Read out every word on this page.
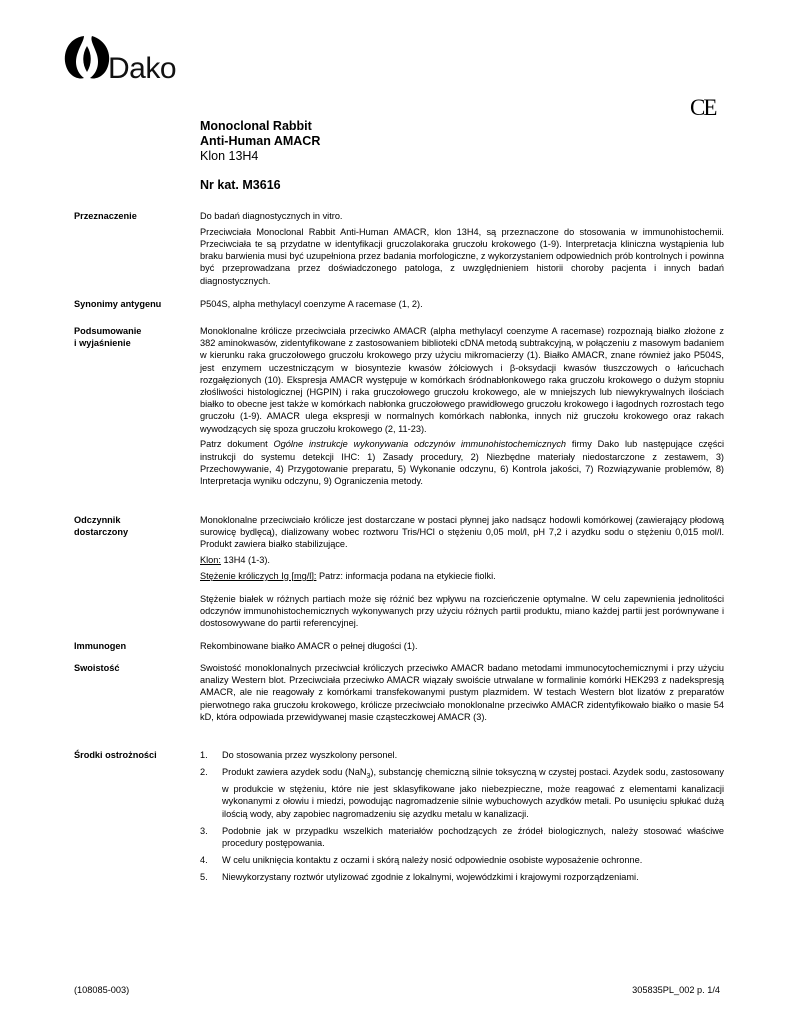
Dako
CE
Monoclonal Rabbit
Anti-Human AMACR
Klon 13H4
Nr kat. M3616
Przeznaczenie	Do badań diagnostycznych in vitro.

Przeciwciała Monoclonal Rabbit Anti-Human AMACR, klon 13H4, są przeznaczone do stosowania w immunohistochemii. Przeciwciała te są przydatne w identyfikacji gruczolakoraka gruczołu krokowego (1-9). Interpretacja kliniczna wystąpienia lub braku barwienia musi być uzupełniona przez badania morfologiczne, z wykorzystaniem odpowiednich prób kontrolnych i powinna być przeprowadzana przez doświadczonego patologa, z uwzględnieniem historii choroby pacjenta i innych badań diagnostycznych.

Synonimy antygenu	P504S, alpha methylacyl coenzyme A racemase (1, 2).
Podsumowanie
i wyjaśnienie

Monoklonalne królicze przeciwciała przeciwko AMACR (alpha methylacyl coenzyme A racemase) rozpoznają białko złożone z 382 aminokwasów, zidentyfikowane z zastosowaniem biblioteki cDNA metodą subtrakcyjną, w połączeniu z masowym badaniem w kierunku raka gruczołowego gruczołu krokowego przy użyciu mikromacierzy (1). Białko AMACR, znane również jako P504S, jest enzymem uczestniczącym w biosyntezie kwasów żółciowych i β-oksydacji kwasów tłuszczowych o łańcuchach rozgałęzionych (10). Ekspresja AMACR występuje w komórkach śródnabłonkowego raka gruczołu krokowego o dużym stopniu złośliwości histologicznej (HGPIN) i raka gruczołowego gruczołu krokowego, ale w mniejszych lub niewykrywalnych ilościach białko to obecne jest także w komórkach nabłonka gruczołowego prawidłowego gruczołu krokowego i łagodnych rozrostach tego gruczołu (1-9). AMACR ulega ekspresji w normalnych komórkach nabłonka, innych niż gruczołu krokowego oraz rakach wywodzących się spoza gruczołu krokowego (2, 11-23).

Patrz dokument Ogólne instrukcje wykonywania odczynów immunohistochemicznych firmy Dako lub następujące części instrukcji do systemu detekcji IHC: 1) Zasady procedury, 2) Niezbędne materiały niedostarczone z zestawem, 3) Przechowywanie, 4) Przygotowanie preparatu, 5) Wykonanie odczynu, 6) Kontrola jakości, 7) Rozwiązywanie problemów, 8) Interpretacja wyniku odczynu, 9) Ograniczenia metody.

Odczynnik
dostarczony

Monoklonalne przeciwciało królicze jest dostarczane w postaci płynnej jako nadsącz hodowli komórkowej (zawierający płodową surowicę bydlęcą), dializowany wobec roztworu Tris/HCl o stężeniu 0,05 mol/l, pH 7,2 i azydku sodu o stężeniu 0,015 mol/l. Produkt zawiera białko stabilizujące.

Klon: 13H4 (1-3).

Stężenie króliczych Ig [mg/l]: Patrz: informacja podana na etykiecie fiolki.

Stężenie białek w różnych partiach może się różnić bez wpływu na rozcieńczenie optymalne. W celu zapewnienia jednolitości odczynów immunohistochemicznych wykonywanych przy użyciu różnych partii produktu, miano każdej partii jest porównywane i dostosowywane do partii referencyjnej.

Immunogen	Rekombinowane białko AMACR o pełnej długości (1).
Swoistość	Swoistość monoklonalnych przeciwciał króliczych przeciwko AMACR badano metodami immunocytochemicznymi i przy użyciu analizy Western blot. Przeciwciała przeciwko AMACR wiązały swoiście utrwalane w formalinie komórki HEK293 z nadekspresją AMACR, ale nie reagowały z komórkami transfekowanymi pustym plazmidem. W testach Western blot lizatów z preparatów pierwotnego raka gruczołu krokowego, królicze przeciwciało monoklonalne przeciwko AMACR zidentyfikowało białko o masie 54 kD, która odpowiada przewidywanej masie cząsteczkowej AMACR (3).
Środki ostrożności	1. Do stosowania przez wyszkolony personel.
2. Produkt zawiera azydek sodu (NaN$_3$), substancję chemiczną silnie toksyczną w czystej postaci. Azydek sodu, zastosowany w produkcie w stężeniu, które nie jest sklasyfikowane jako niebezpieczne, może reagować z elementami kanalizacji wykonanymi z ołowiu i miedzi, powodując nagromadzenie silnie wybuchowych azydków metali. Po usunięciu spłukać dużą ilością wody, aby zapobiec nagromadzeniu się azydku metalu w kanalizacji.
3. Podobnie jak w przypadku wszelkich materiałów pochodzących ze źródeł biologicznych, należy stosować właściwe procedury postępowania.
4. W celu uniknięcia kontaktu z oczami i skórą należy nosić odpowiednie osobiste wyposażenie ochronne.
5. Niewykorzystany roztwór utylizować zgodnie z lokalnymi, wojewódzkimi i krajowymi rozporządzeniami.
(108085-003)	305835PL_002 p. 1/4
